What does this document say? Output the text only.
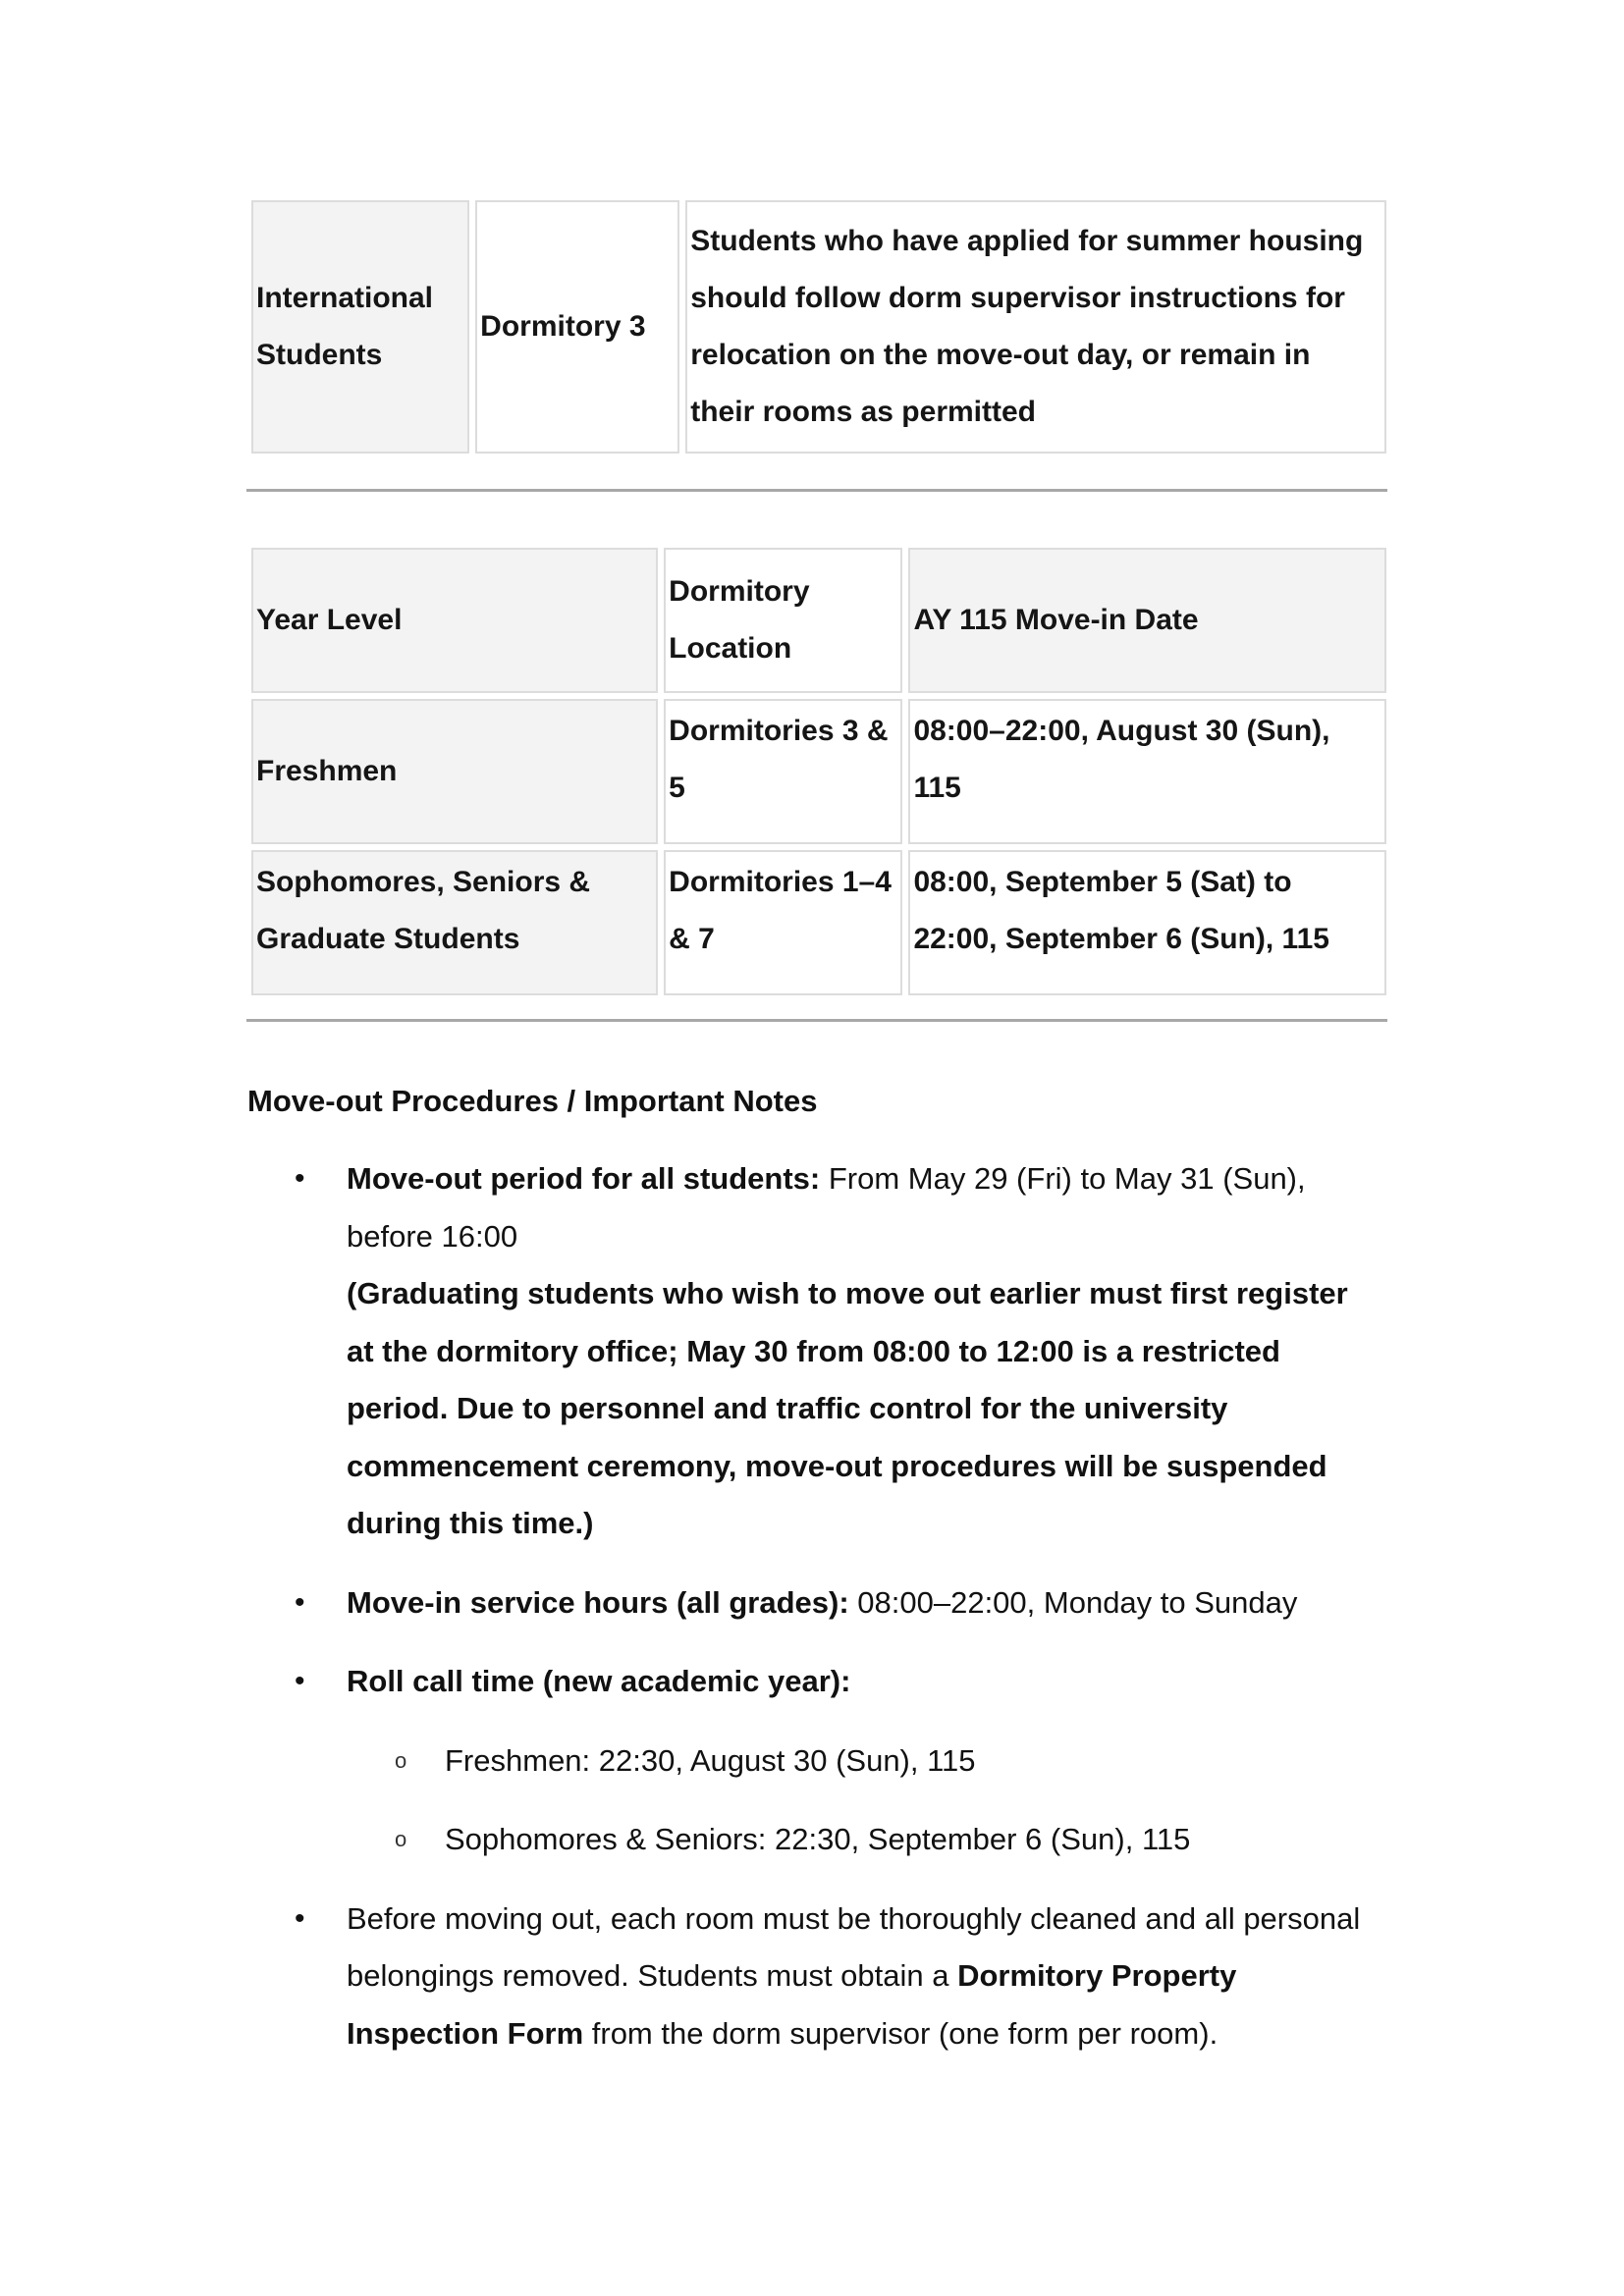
International Students	Dormitory 3	Students who have applied for summer housing should follow dorm supervisor instructions for relocation on the move-out day, or remain in their rooms as permitted
Year Level	Dormitory Location	AY 115 Move-in Date
Freshmen	Dormitories 3 & 5	08:00–22:00, August 30 (Sun), 115
Sophomores, Seniors & Graduate Students	Dormitories 1–4 & 7	08:00, September 5 (Sat) to 22:00, September 6 (Sun), 115
Move-out Procedures / Important Notes
•	Move-out period for all students: From May 29 (Fri) to May 31 (Sun), before 16:00
(Graduating students who wish to move out earlier must first register at the dormitory office; May 30 from 08:00 to 12:00 is a restricted period. Due to personnel and traffic control for the university commencement ceremony, move-out procedures will be suspended during this time.)
•	Move-in service hours (all grades): 08:00–22:00, Monday to Sunday
•	Roll call time (new academic year):
o Freshmen: 22:30, August 30 (Sun), 115
o Sophomores & Seniors: 22:30, September 6 (Sun), 115
•	Before moving out, each room must be thoroughly cleaned and all personal belongings removed. Students must obtain a Dormitory Property Inspection Form from the dorm supervisor (one form per room).
